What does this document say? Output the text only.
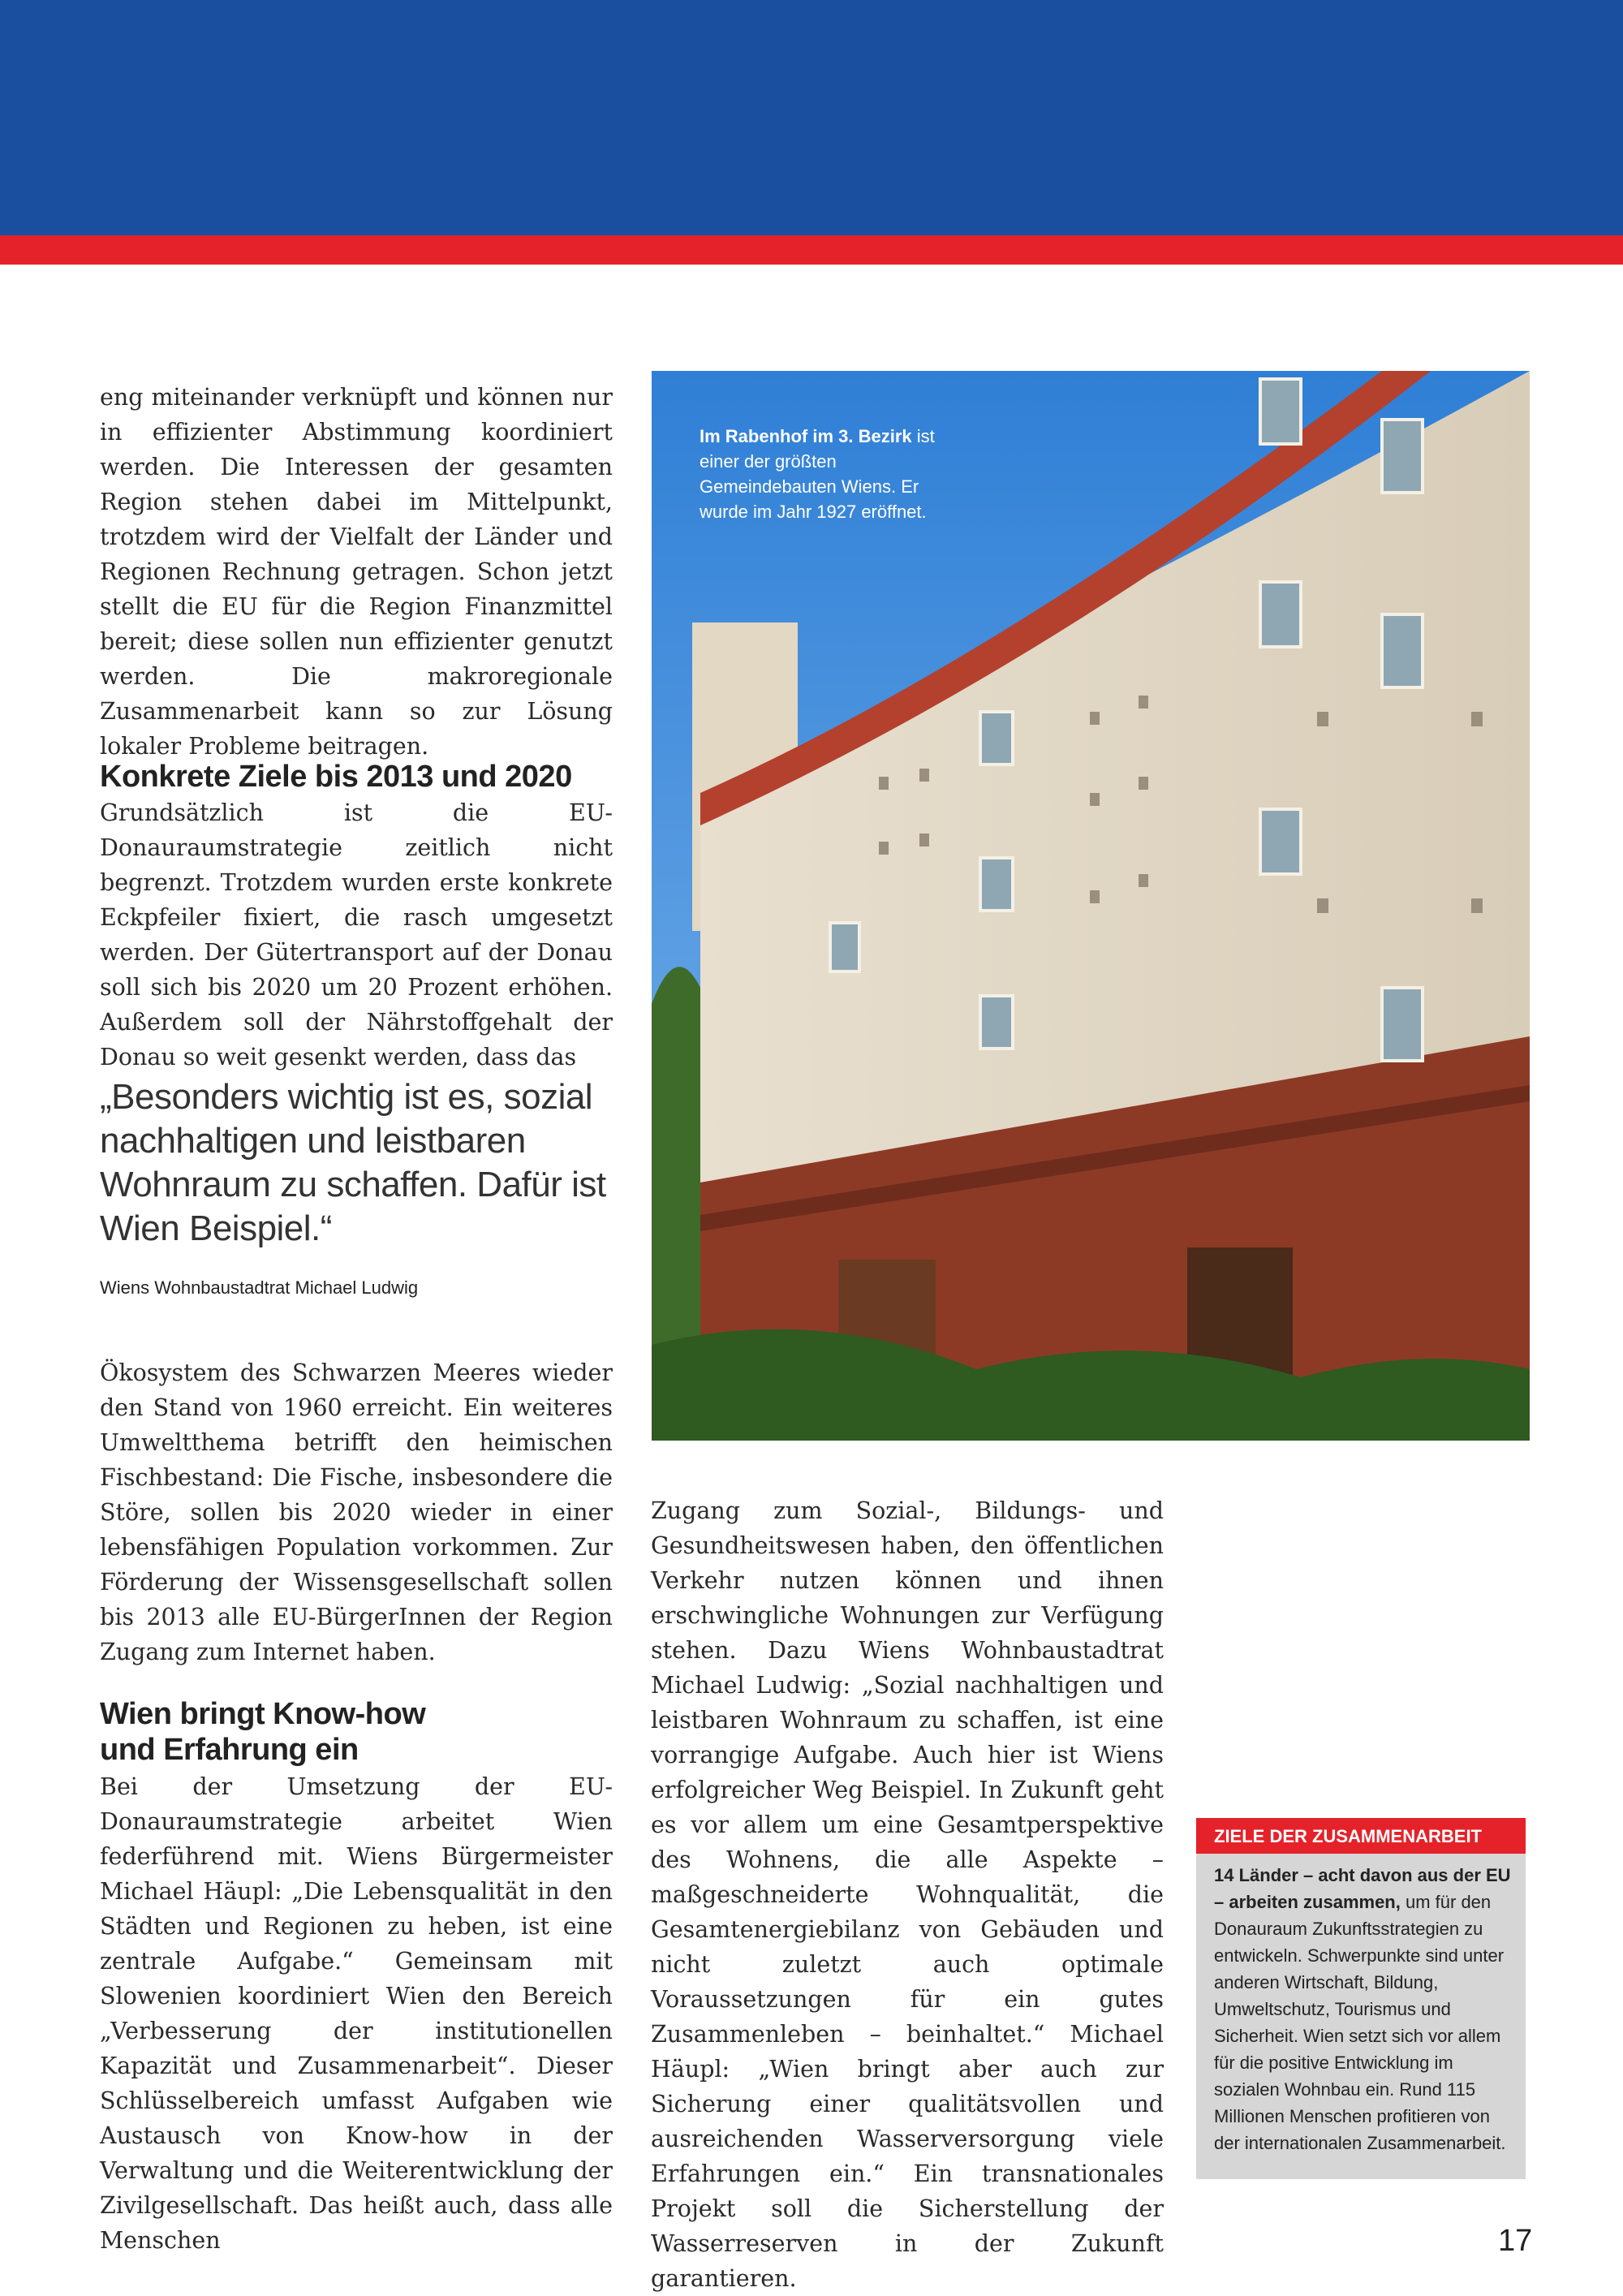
eng miteinander verknüpft und können nur in effizienter Abstimmung koordiniert werden. Die Interessen der gesamten Region stehen dabei im Mittelpunkt, trotzdem wird der Vielfalt der Länder und Regionen Rechnung getragen. Schon jetzt stellt die EU für die Region Finanzmittel bereit; diese sollen nun effizienter genutzt werden. Die makroregionale Zusammenarbeit kann so zur Lösung lokaler Probleme beitragen.

Konkrete Ziele bis 2013 und 2020

Grundsätzlich ist die EU-Donauraumstrategie zeitlich nicht begrenzt. Trotzdem wurden erste konkrete Eckpfeiler fixiert, die rasch umgesetzt werden. Der Gütertransport auf der Donau soll sich bis 2020 um 20 Prozent erhöhen. Außerdem soll der Nährstoffgehalt der Donau so weit gesenkt werden, dass das

„Besonders wichtig ist es, sozial nachhaltigen und leistbaren Wohnraum zu schaffen. Dafür ist Wien Beispiel.“
Wiens Wohnbaustadtrat Michael Ludwig

Ökosystem des Schwarzen Meeres wieder den Stand von 1960 erreicht. Ein weiteres Umweltthema betrifft den heimischen Fischbestand: Die Fische, insbesondere die Störe, sollen bis 2020 wieder in einer lebensfähigen Population vorkommen. Zur Förderung der Wissensgesellschaft sollen bis 2013 alle EU-BürgerInnen der Region Zugang zum Internet haben.

Wien bringt Know-how
und Erfahrung ein

Bei der Umsetzung der EU-Donauraumstrategie arbeitet Wien federführend mit. Wiens Bürgermeister Michael Häupl: „Die Lebensqualität in den Städten und Regionen zu heben, ist eine zentrale Aufgabe.“ Gemeinsam mit Slowenien koordiniert Wien den Bereich „Verbesserung der institutionellen Kapazität und Zusammenarbeit“. Dieser Schlüsselbereich umfasst Aufgaben wie Austausch von Know-how in der Verwaltung und die Weiterentwicklung der Zivilgesellschaft. Das heißt auch, dass alle Menschen

Im Rabenhof im 3. Bezirk ist einer der größten Gemeindebauten Wiens. Er wurde im Jahr 1927 eröffnet.

Zugang zum Sozial-, Bildungs- und Gesundheitswesen haben, den öffentlichen Verkehr nutzen können und ihnen erschwingliche Wohnungen zur Verfügung stehen. Dazu Wiens Wohnbaustadtrat Michael Ludwig: „Sozial nachhaltigen und leistbaren Wohnraum zu schaffen, ist eine vorrangige Aufgabe. Auch hier ist Wiens erfolgreicher Weg Beispiel. In Zukunft geht es vor allem um eine Gesamtperspektive des Wohnens, die alle Aspekte – maßgeschneiderte Wohnqualität, die Gesamtenergiebilanz von Gebäuden und nicht zuletzt auch optimale Voraussetzungen für ein gutes Zusammenleben – beinhaltet.“ Michael Häupl: „Wien bringt aber auch zur Sicherung einer qualitätsvollen und ausreichenden Wasserversorgung viele Erfahrungen ein.“ Ein transnationales Projekt soll die Sicherstellung der Wasserreserven in der Zukunft garantieren.

ZIELE DER ZUSAMMENARBEIT
14 Länder – acht davon aus der EU – arbeiten zusammen, um für den Donauraum Zukunftsstrategien zu entwickeln. Schwerpunkte sind unter anderen Wirtschaft, Bildung, Umweltschutz, Tourismus und Sicherheit. Wien setzt sich vor allem für die positive Entwicklung im sozialen Wohnbau ein. Rund 115 Millionen Menschen profitieren von der internationalen Zusammenarbeit.
17
